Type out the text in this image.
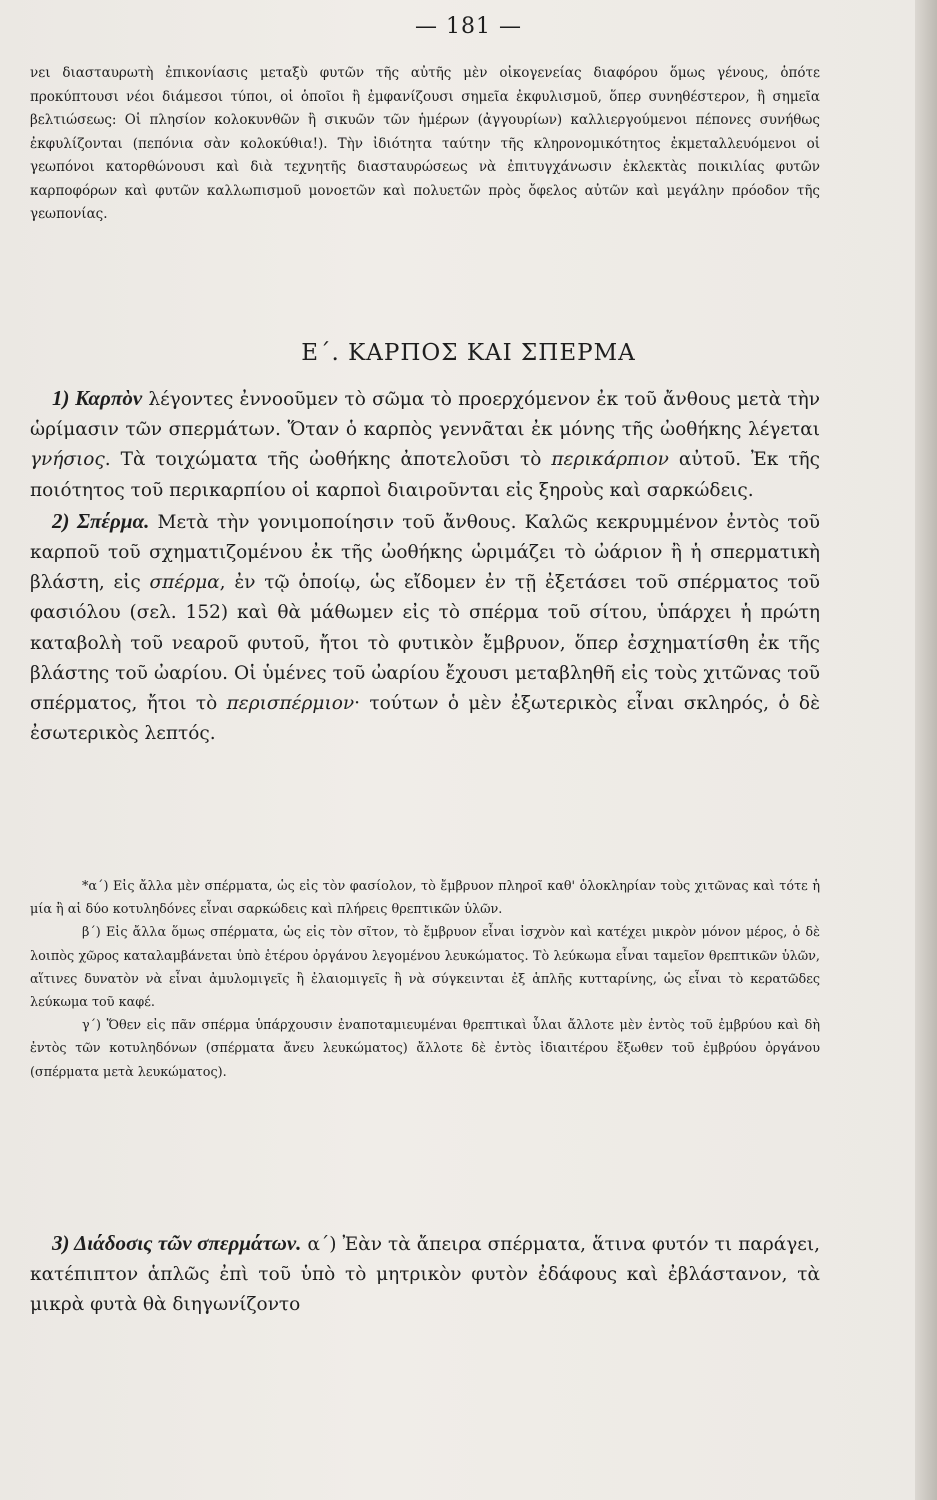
— 181 —

νει διασταυρωτὴ ἐπικονίασις μεταξὺ φυτῶν τῆς αὐτῆς μὲν οἰκογενείας διαφόρου ὅμως γένους, ὁπότε προκύπτουσι νέοι διάμεσοι τύποι, οἱ ὁποῖοι ἢ ἐμφανίζουσι σημεῖα ἐκφυλισμοῦ, ὅπερ συνηθέστερον, ἢ σημεῖα βελτιώσεως: Οἱ πλησίον κολοκυνθῶν ἢ σικυῶν τῶν ἡμέρων (ἀγγουρίων) καλλιεργούμενοι πέπονες συνήθως ἐκφυλίζονται (πεπόνια σὰν κολοκύθια!). Τὴν ἰδιότητα ταύτην τῆς κληρονομικότητος ἐκμεταλλευόμενοι οἱ γεωπόνοι κατορθώνουσι καὶ διὰ τεχνητῆς διασταυρώσεως νὰ ἐπιτυγχάνωσιν ἐκλεκτὰς ποικιλίας φυτῶν καρποφόρων καὶ φυτῶν καλλωπισμοῦ μονοετῶν καὶ πολυετῶν πρὸς ὄφελος αὐτῶν καὶ μεγάλην πρόοδον τῆς γεωπονίας.

Ε΄. ΚΑΡΠΟΣ ΚΑΙ ΣΠΕΡΜΑ

1) Καρπὸν λέγοντες ἐννοοῦμεν τὸ σῶμα τὸ προερχόμενον ἐκ τοῦ ἄνθους μετὰ τὴν ὡρίμασιν τῶν σπερμάτων. Ὅταν ὁ καρπὸς γεννᾶται ἐκ μόνης τῆς ὠοθήκης λέγεται γνήσιος. Τὰ τοιχώματα τῆς ὠοθήκης ἀποτελοῦσι τὸ περικάρπιον αὐτοῦ. Ἐκ τῆς ποιότητος τοῦ περικαρπίου οἱ καρποὶ διαιροῦνται εἰς ξηροὺς καὶ σαρκώδεις.

2) Σπέρμα. Μετὰ τὴν γονιμοποίησιν τοῦ ἄνθους. Καλῶς κεκρυμμένον ἐντὸς τοῦ καρποῦ τοῦ σχηματιζομένου ἐκ τῆς ὠοθήκης ὡριμάζει τὸ ὠάριον ἢ ἡ σπερματικὴ βλάστη, εἰς σπέρμα, ἐν τῷ ὁποίῳ, ὡς εἴδομεν ἐν τῇ ἐξετάσει τοῦ σπέρματος τοῦ φασιόλου (σελ. 152) καὶ θὰ μάθωμεν εἰς τὸ σπέρμα τοῦ σίτου, ὑπάρχει ἡ πρώτη καταβολὴ τοῦ νεαροῦ φυτοῦ, ἤτοι τὸ φυτικὸν ἔμβρυον, ὅπερ ἐσχηματίσθη ἐκ τῆς βλάστης τοῦ ὠαρίου. Οἱ ὑμένες τοῦ ὠαρίου ἔχουσι μεταβληθῆ εἰς τοὺς χιτῶνας τοῦ σπέρματος, ἤτοι τὸ περισπέρμιον· τούτων ὁ μὲν ἐξωτερικὸς εἶναι σκληρός, ὁ δὲ ἐσωτερικὸς λεπτός.

*α΄) Εἰς ἄλλα μὲν σπέρματα, ὡς εἰς τὸν φασίολον, τὸ ἔμβρυον πληροῖ καθ' ὁλοκληρίαν τοὺς χιτῶνας καὶ τότε ἡ μία ἢ αἱ δύο κοτυληδόνες εἶναι σαρκώδεις καὶ πλήρεις θρεπτικῶν ὑλῶν.

β΄) Εἰς ἄλλα ὅμως σπέρματα, ὡς εἰς τὸν σῖτον, τὸ ἔμβρυον εἶναι ἰσχνὸν καὶ κατέχει μικρὸν μόνον μέρος, ὁ δὲ λοιπὸς χῶρος καταλαμβάνεται ὑπὸ ἑτέρου ὀργάνου λεγομένου λευκώματος. Τὸ λεύκωμα εἶναι ταμεῖον θρεπτικῶν ὑλῶν, αἵτινες δυνατὸν νὰ εἶναι ἀμυλομιγεῖς ἢ ἐλαιομιγεῖς ἢ νὰ σύγκεινται ἐξ ἁπλῆς κυτταρίνης, ὡς εἶναι τὸ κερατῶδες λεύκωμα τοῦ καφέ.

γ΄) Ὅθεν εἰς πᾶν σπέρμα ὑπάρχουσιν ἐναποταμιευμέναι θρεπτικαὶ ὗλαι ἄλλοτε μὲν ἐντὸς τοῦ ἐμβρύου καὶ δὴ ἐντὸς τῶν κοτυληδόνων (σπέρματα ἄνευ λευκώματος) ἄλλοτε δὲ ἐντὸς ἰδιαιτέρου ἔξωθεν τοῦ ἐμβρύου ὀργάνου (σπέρματα μετὰ λευκώματος).

3) Διάδοσις τῶν σπερμάτων. α΄) Ἐὰν τὰ ἄπειρα σπέρματα, ἅτινα φυτόν τι παράγει, κατέπιπτον ἁπλῶς ἐπὶ τοῦ ὑπὸ τὸ μητρικὸν φυτὸν ἐδάφους καὶ ἐβλάστανον, τὰ μικρὰ φυτὰ θὰ διηγωνίζοντο
